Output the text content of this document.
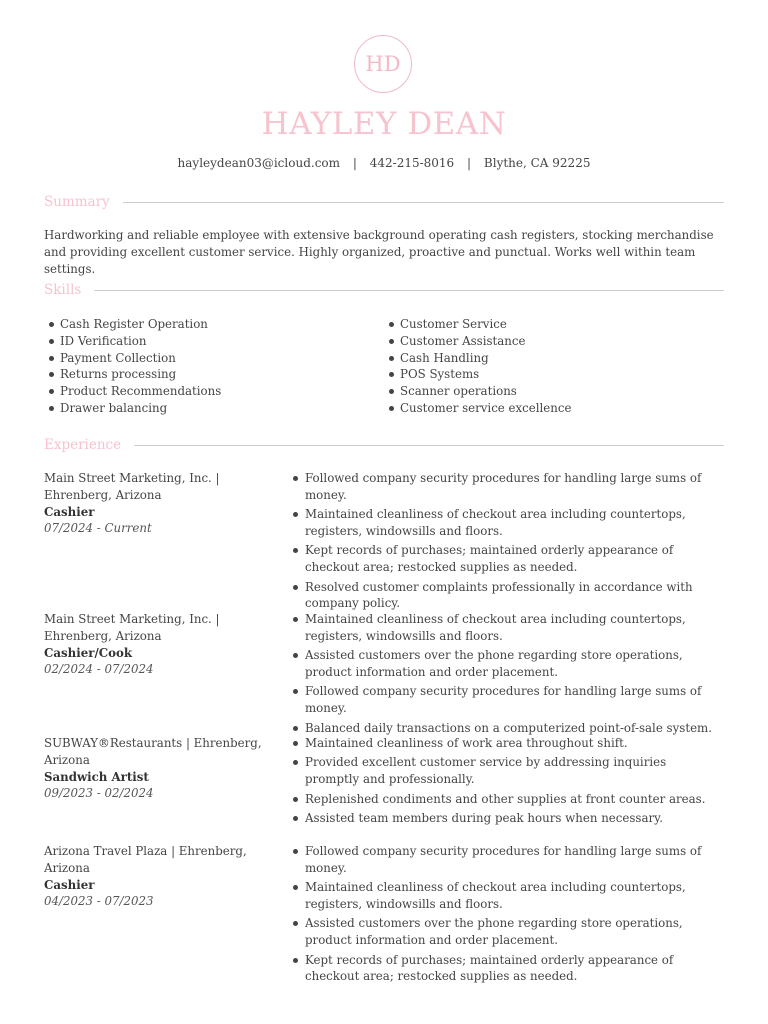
HD
HAYLEY DEAN
hayleydean03@icloud.com | 442-215-8016 | Blythe, CA 92225
Summary
Hardworking and reliable employee with extensive background operating cash registers, stocking merchandise and providing excellent customer service. Highly organized, proactive and punctual. Works well within team settings.
Skills
Cash Register Operation
ID Verification
Payment Collection
Returns processing
Product Recommendations
Drawer balancing
Customer Service
Customer Assistance
Cash Handling
POS Systems
Scanner operations
Customer service excellence
Experience
Main Street Marketing, Inc. | Ehrenberg, Arizona
Cashier
07/2024 - Current
Followed company security procedures for handling large sums of money.
Maintained cleanliness of checkout area including countertops, registers, windowsills and floors.
Kept records of purchases; maintained orderly appearance of checkout area; restocked supplies as needed.
Resolved customer complaints professionally in accordance with company policy.
Main Street Marketing, Inc. | Ehrenberg, Arizona
Cashier/Cook
02/2024 - 07/2024
Maintained cleanliness of checkout area including countertops, registers, windowsills and floors.
Assisted customers over the phone regarding store operations, product information and order placement.
Followed company security procedures for handling large sums of money.
Balanced daily transactions on a computerized point-of-sale system.
SUBWAY®Restaurants | Ehrenberg, Arizona
Sandwich Artist
09/2023 - 02/2024
Maintained cleanliness of work area throughout shift.
Provided excellent customer service by addressing inquiries promptly and professionally.
Replenished condiments and other supplies at front counter areas.
Assisted team members during peak hours when necessary.
Arizona Travel Plaza | Ehrenberg, Arizona
Cashier
04/2023 - 07/2023
Followed company security procedures for handling large sums of money.
Maintained cleanliness of checkout area including countertops, registers, windowsills and floors.
Assisted customers over the phone regarding store operations, product information and order placement.
Kept records of purchases; maintained orderly appearance of checkout area; restocked supplies as needed.
